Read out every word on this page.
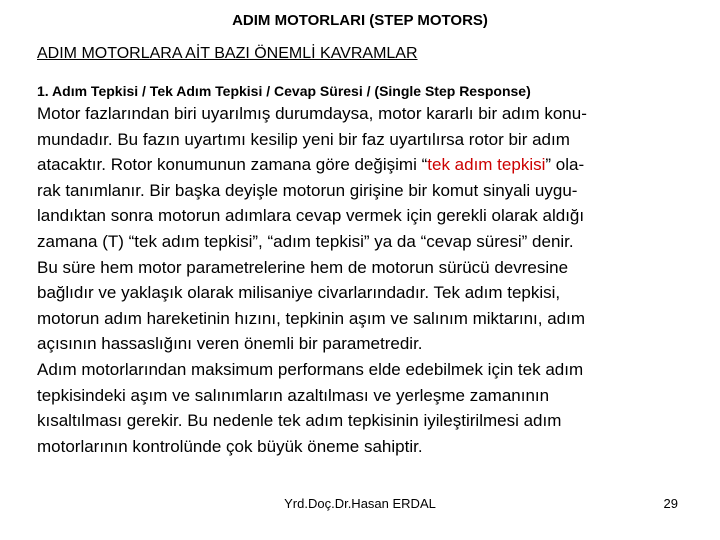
ADIM MOTORLARI (STEP MOTORS)
ADIM MOTORLARA AİT BAZI ÖNEMLİ KAVRAMLAR
1. Adım Tepkisi / Tek Adım Tepkisi / Cevap Süresi / (Single Step Response)
Motor fazlarından biri uyarılmış durumdaysa, motor kararlı bir adım konu-
mundadır. Bu fazın uyartımı kesilip yeni bir faz uyartılırsa rotor bir adım
atacaktır. Rotor konumunun zamana göre değişimi “tek adım tepkisi” ola-
rak tanımlanır. Bir başka deyişle motorun girişine bir komut sinyali uygu-
landıktan sonra motorun adımlara cevap vermek için gerekli olarak aldığı
zamana (T) “tek adım tepkisi”, “adım tepkisi” ya da “cevap süresi” denir.
Bu süre hem motor parametrelerine hem de motorun sürücü devresine
bağlıdır ve yaklaşık olarak milisaniye civarlarındadır. Tek adım tepkisi,
motorun adım hareketinin hızını, tepkinin aşım ve salınım miktarını, adım
açısının hassaslığını veren önemli bir parametredir.
Adım motorlarından maksimum performans elde edebilmek için tek adım
tepkisindeki aşım ve salınımların azaltılması ve yerleşme zamanının
kısaltılması gerekir. Bu nedenle tek adım tepkisinin iyileştirilmesi adım
motorlarının kontrolünde çok büyük öneme sahiptir.
Yrd.Doç.Dr.Hasan ERDAL	29
